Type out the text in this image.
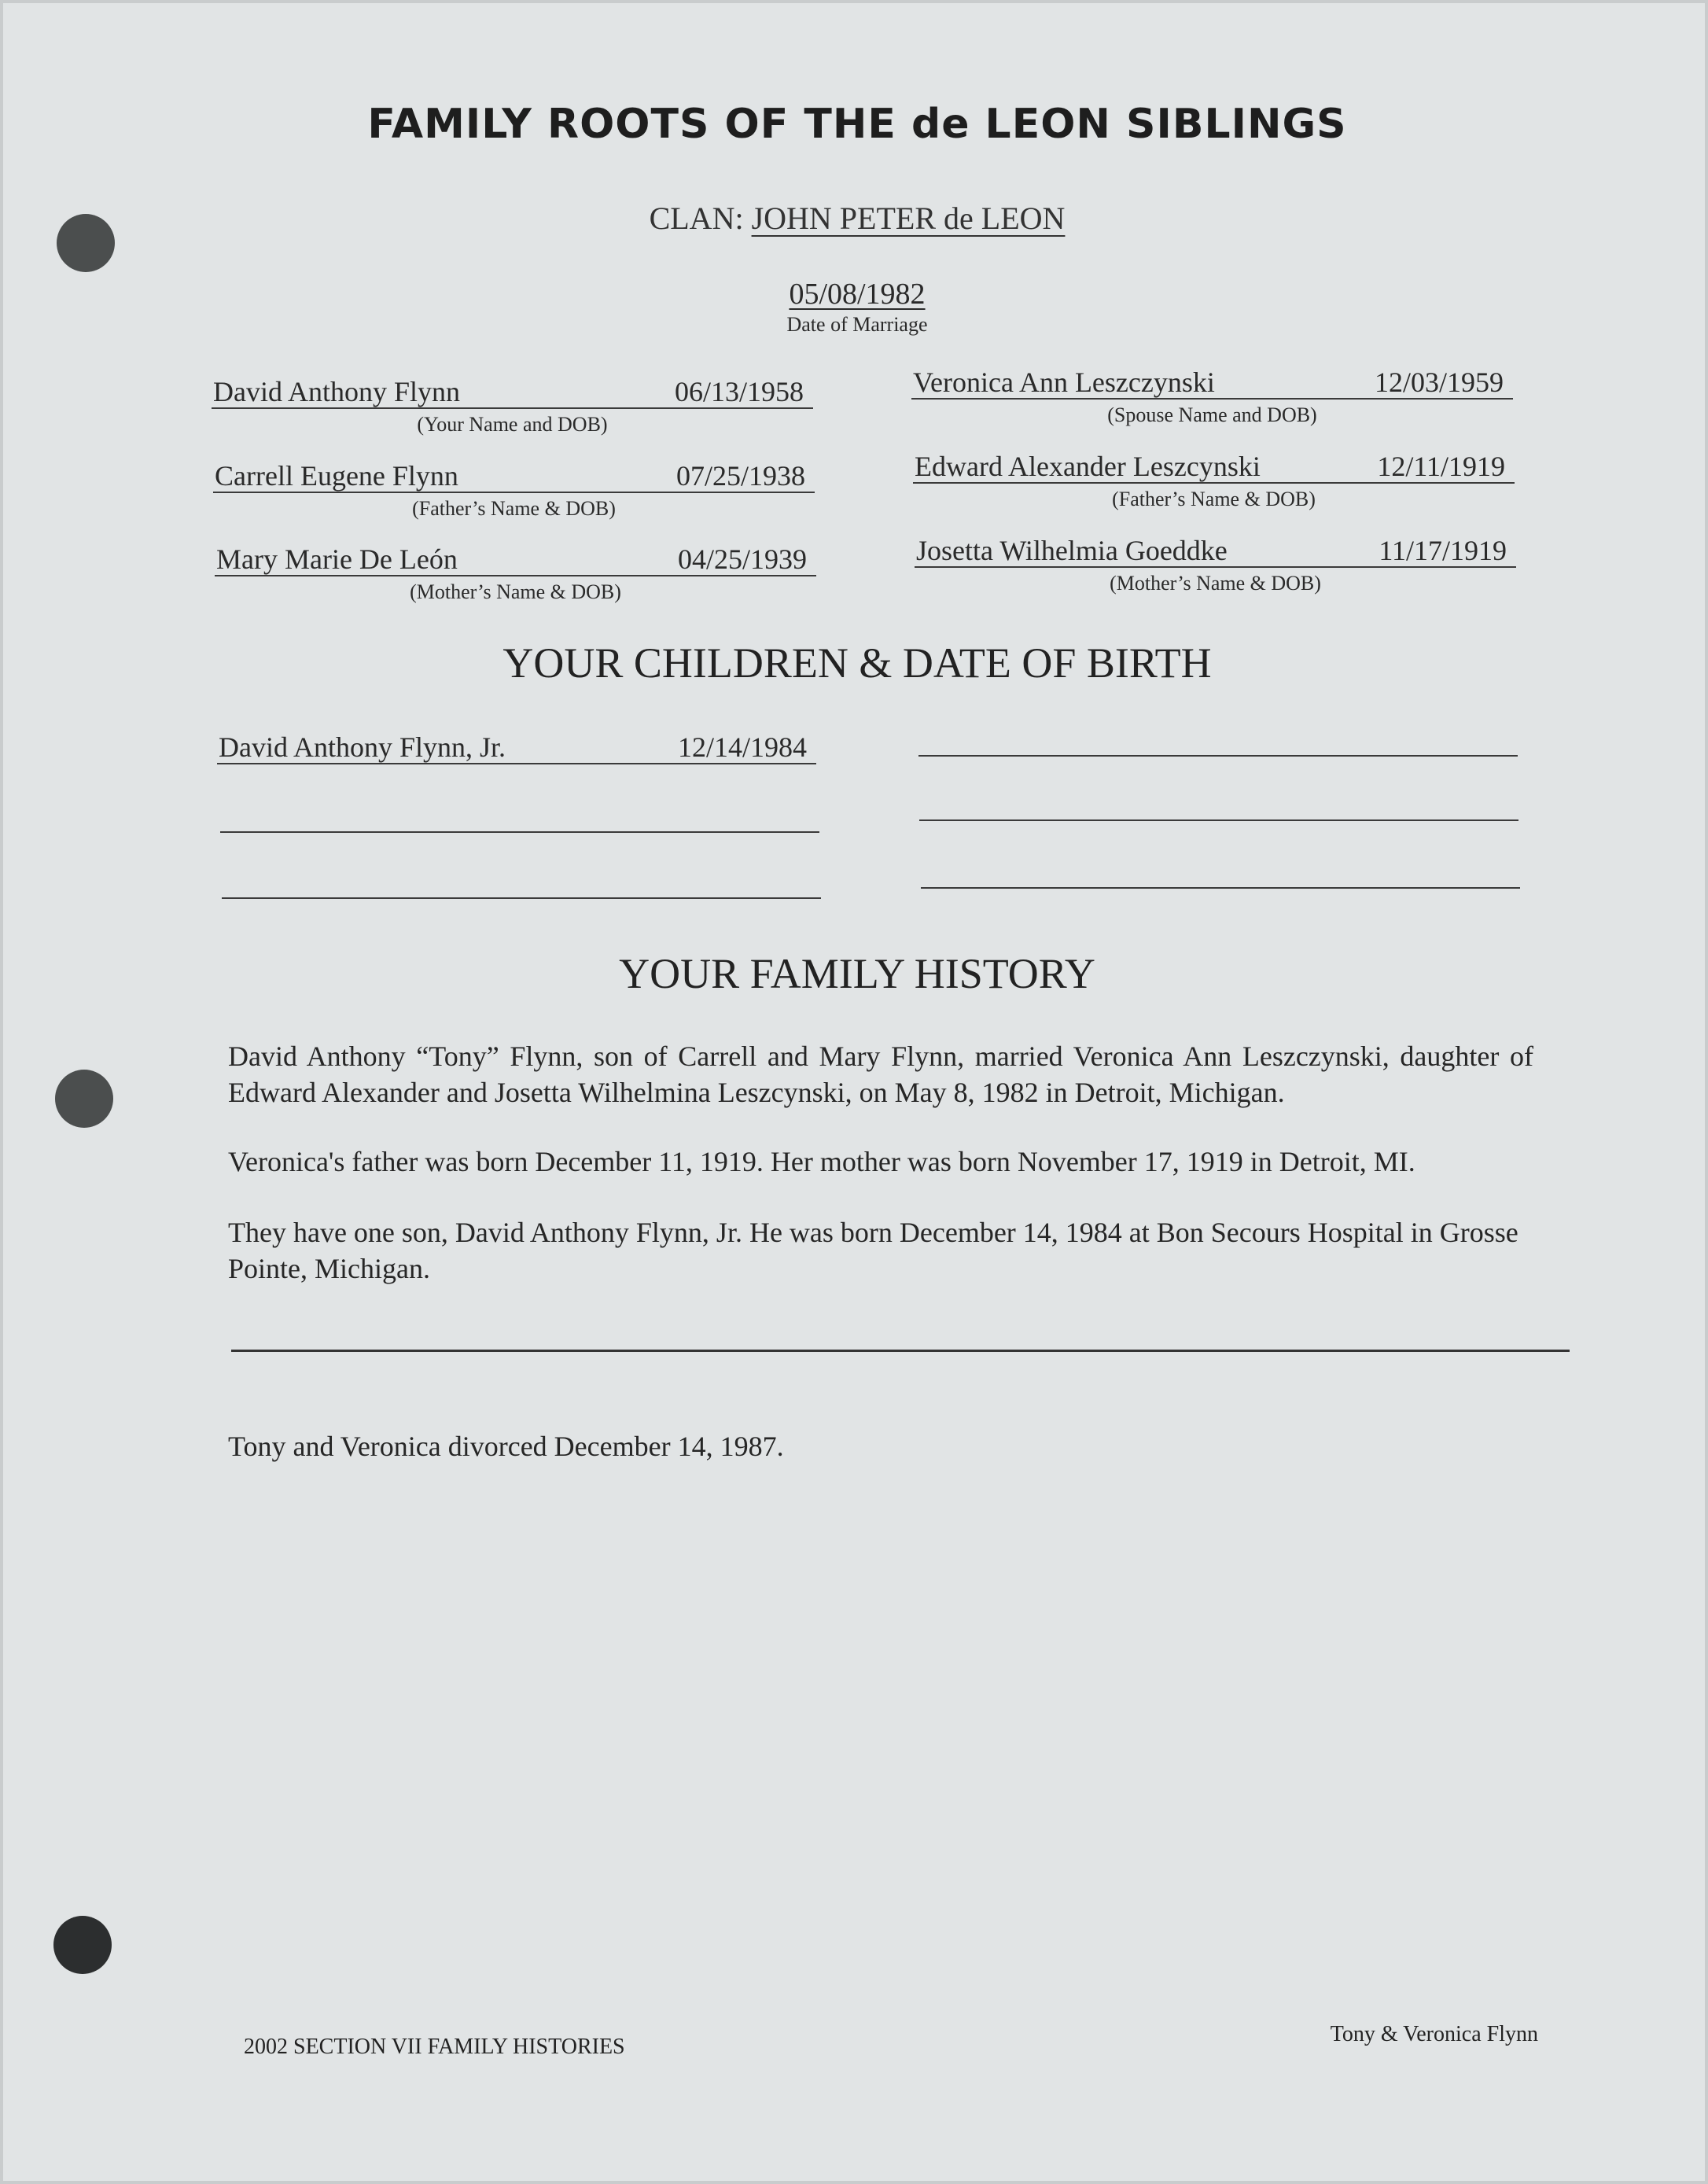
FAMILY ROOTS OF THE de LEON SIBLINGS
CLAN: JOHN PETER de LEON
05/08/1982
Date of Marriage
David Anthony Flynn	06/13/1958
(Your Name and DOB)
Carrell Eugene Flynn	07/25/1938
(Father’s Name & DOB)
Mary Marie De León	04/25/1939
(Mother’s Name & DOB)
Veronica Ann Leszczynski	12/03/1959
(Spouse Name and DOB)
Edward Alexander Leszcynski	12/11/1919
(Father’s Name & DOB)
Josetta Wilhelmia Goeddke	11/17/1919
(Mother’s Name & DOB)
YOUR CHILDREN & DATE OF BIRTH
David Anthony Flynn, Jr.	12/14/1984
YOUR FAMILY HISTORY
David Anthony “Tony” Flynn, son of Carrell and Mary Flynn, married Veronica Ann Leszczynski, daughter of Edward Alexander and Josetta Wilhelmina Leszcynski, on May 8, 1982 in Detroit, Michigan.
Veronica's father was born December 11, 1919. Her mother was born November 17, 1919 in Detroit, MI.
They have one son, David Anthony Flynn, Jr. He was born December 14, 1984 at Bon Secours Hospital in Grosse Pointe, Michigan.
Tony and Veronica divorced December 14, 1987.
2002 SECTION VII FAMILY HISTORIES
Tony & Veronica Flynn
